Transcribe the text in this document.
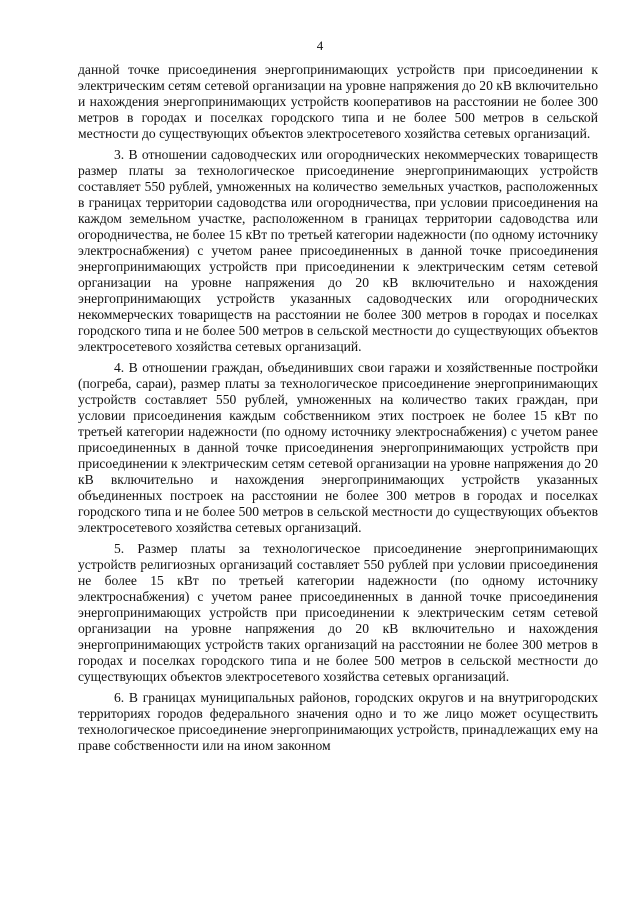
4

данной точке присоединения энергопринимающих устройств при присоединении к электрическим сетям сетевой организации на уровне напряжения до 20 кВ включительно и нахождения энергопринимающих устройств кооперативов на расстоянии не более 300 метров в городах и поселках городского типа и не более 500 метров в сельской местности до существующих объектов электросетевого хозяйства сетевых организаций.

3. В отношении садоводческих или огороднических некоммерческих товариществ размер платы за технологическое присоединение энергопринимающих устройств составляет 550 рублей, умноженных на количество земельных участков, расположенных в границах территории садоводства или огородничества, при условии присоединения на каждом земельном участке, расположенном в границах территории садоводства или огородничества, не более 15 кВт по третьей категории надежности (по одному источнику электроснабжения) с учетом ранее присоединенных в данной точке присоединения энергопринимающих устройств при присоединении к электрическим сетям сетевой организации на уровне напряжения до 20 кВ включительно и нахождения энергопринимающих устройств указанных садоводческих или огороднических некоммерческих товариществ на расстоянии не более 300 метров в городах и поселках городского типа и не более 500 метров в сельской местности до существующих объектов электросетевого хозяйства сетевых организаций.

4. В отношении граждан, объединивших свои гаражи и хозяйственные постройки (погреба, сараи), размер платы за технологическое присоединение энергопринимающих устройств составляет 550 рублей, умноженных на количество таких граждан, при условии присоединения каждым собственником этих построек не более 15 кВт по третьей категории надежности (по одному источнику электроснабжения) с учетом ранее присоединенных в данной точке присоединения энергопринимающих устройств при присоединении к электрическим сетям сетевой организации на уровне напряжения до 20 кВ включительно и нахождения энергопринимающих устройств указанных объединенных построек на расстоянии не более 300 метров в городах и поселках городского типа и не более 500 метров в сельской местности до существующих объектов электросетевого хозяйства сетевых организаций.

5. Размер платы за технологическое присоединение энергопринимающих устройств религиозных организаций составляет 550 рублей при условии присоединения не более 15 кВт по третьей категории надежности (по одному источнику электроснабжения) с учетом ранее присоединенных в данной точке присоединения энергопринимающих устройств при присоединении к электрическим сетям сетевой организации на уровне напряжения до 20 кВ включительно и нахождения энергопринимающих устройств таких организаций на расстоянии не более 300 метров в городах и поселках городского типа и не более 500 метров в сельской местности до существующих объектов электросетевого хозяйства сетевых организаций.

6. В границах муниципальных районов, городских округов и на внутригородских территориях городов федерального значения одно и то же лицо может осуществить технологическое присоединение энергопринимающих устройств, принадлежащих ему на праве собственности или на ином законном
